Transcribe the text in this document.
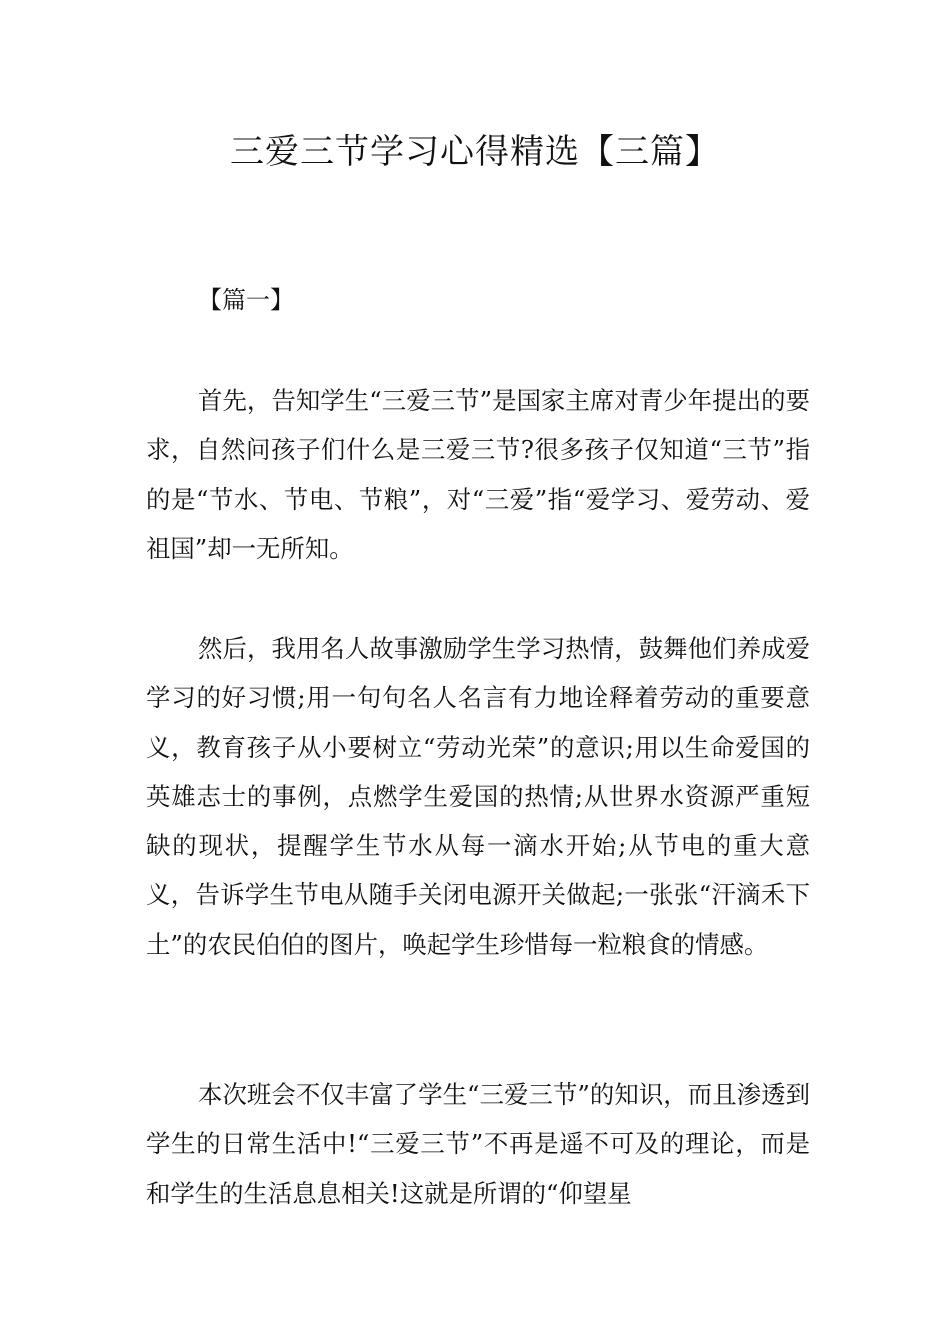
三爱三节学习心得精选【三篇】

【篇一】

首先，告知学生“三爱三节”是国家主席对青少年提出的要求，自然问孩子们什么是三爱三节?很多孩子仅知道“三节”指的是“节水、节电、节粮”，对“三爱”指“爱学习、爱劳动、爱祖国”却一无所知。

然后，我用名人故事激励学生学习热情，鼓舞他们养成爱学习的好习惯;用一句句名人名言有力地诠释着劳动的重要意义，教育孩子从小要树立“劳动光荣”的意识;用以生命爱国的英雄志士的事例，点燃学生爱国的热情;从世界水资源严重短缺的现状，提醒学生节水从每一滴水开始;从节电的重大意义，告诉学生节电从随手关闭电源开关做起;一张张“汗滴禾下土”的农民伯伯的图片，唤起学生珍惜每一粒粮食的情感。

本次班会不仅丰富了学生“三爱三节”的知识，而且渗透到学生的日常生活中!“三爱三节”不再是遥不可及的理论，而是和学生的生活息息相关!这就是所谓的“仰望星
